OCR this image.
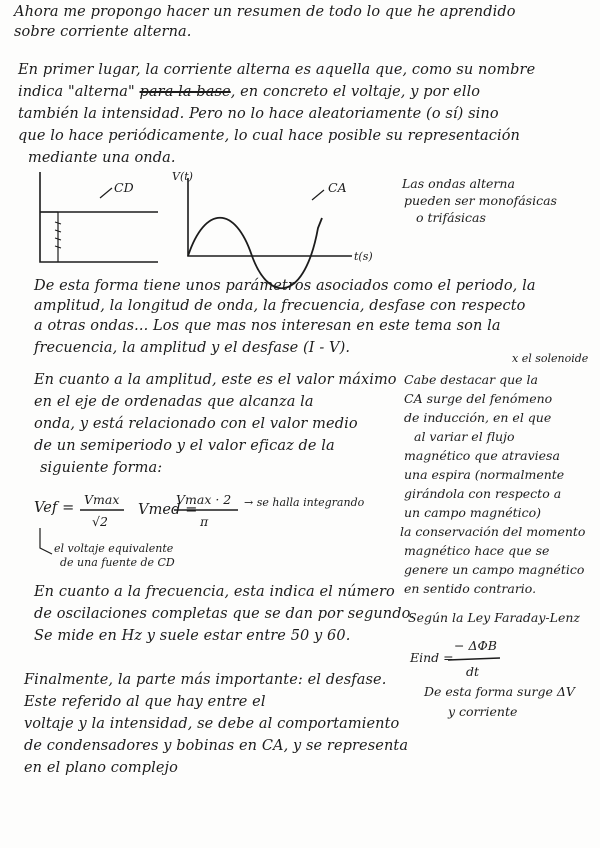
Ahora me propongo hacer un resumen de todo lo que he aprendido
sobre corriente alterna.
En primer lugar, la corriente alterna es aquella que, como su nombre
indica "alterna" para la base, en concreto el voltaje, y por ello
también la intensidad. Pero no lo hace aleatoriamente (o sí) sino
que lo hace periódicamente, lo cual hace posible su representación
mediante una onda.
CD
V(t)
CA
t(s)
Las ondas alterna
pueden ser monofásicas
o trifásicas
De esta forma tiene unos parámetros asociados como el periodo, la
amplitud, la longitud de onda, la frecuencia, desfase con respecto
a otras ondas... Los que mas nos interesan en este tema son la
frecuencia, la amplitud y el desfase (I - V).
x el solenoide
En cuanto a la amplitud, este es el valor máximo
en el eje de ordenadas que alcanza la
onda, y está relacionado con el valor medio
de un semiperiodo y el valor eficaz de la
siguiente forma:
Vef =
Vmax
√2
Vmed =
Vmax · 2
π
→ se halla integrando
el voltaje equivalente
de una fuente de CD
Cabe destacar que la
CA surge del fenómeno
de inducción, en el que
al variar el flujo
magnético que atraviesa
una espira (normalmente
girándola con respecto a
un campo magnético)
la conservación del momento
magnético hace que se
genere un campo magnético
en sentido contrario.
Según la Ley Faraday-Lenz
Eind =
− ΔΦB
dt
De esta forma surge ΔV
y corriente
En cuanto a la frecuencia, esta indica el número
de oscilaciones completas que se dan por segundo.
Se mide en Hz y suele estar entre 50 y 60.
Finalmente, la parte más importante: el desfase.
Este referido al que hay entre el
voltaje y la intensidad, se debe al comportamiento
de condensadores y bobinas en CA, y se representa
en el plano complejo
